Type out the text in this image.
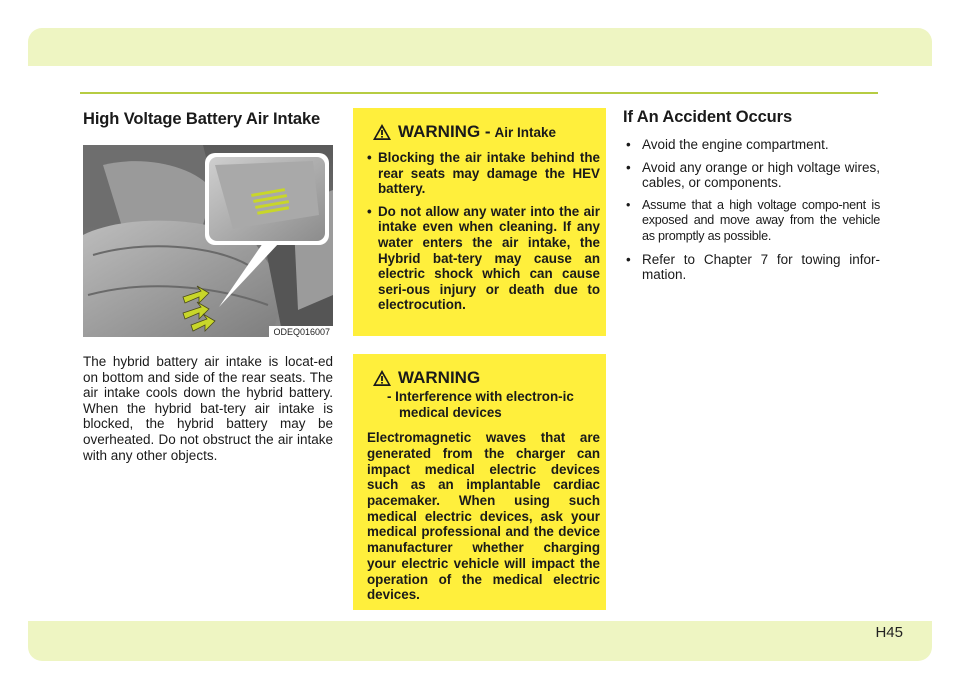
High Voltage Battery Air Intake
ODEQ016007
The hybrid battery air intake is locat-ed on bottom and side of the rear seats. The air intake cools down the hybrid battery. When the hybrid bat-tery air intake is blocked, the hybrid battery may be overheated. Do not obstruct the air intake with any other objects.
WARNING - Air Intake
• Blocking the air intake behind the rear seats may damage the HEV battery.
• Do not allow any water into the air intake even when cleaning. If any water enters the air intake, the Hybrid bat-tery may cause an electric shock which can cause seri-ous injury or death due to electrocution.
WARNING
- Interference with electron-ic medical devices
Electromagnetic waves that are generated from the charger can impact medical electric devices such as an implantable cardiac pacemaker. When using such medical electric devices, ask your medical professional and the device manufacturer whether charging your electric vehicle will impact the operation of the medical electric devices.
If An Accident Occurs
• Avoid the engine compartment.
• Avoid any orange or high voltage wires, cables, or components.
• Assume that a high voltage compo-nent is exposed and move away from the vehicle as promptly as possible.
• Refer to Chapter 7 for towing infor-mation.
H45
